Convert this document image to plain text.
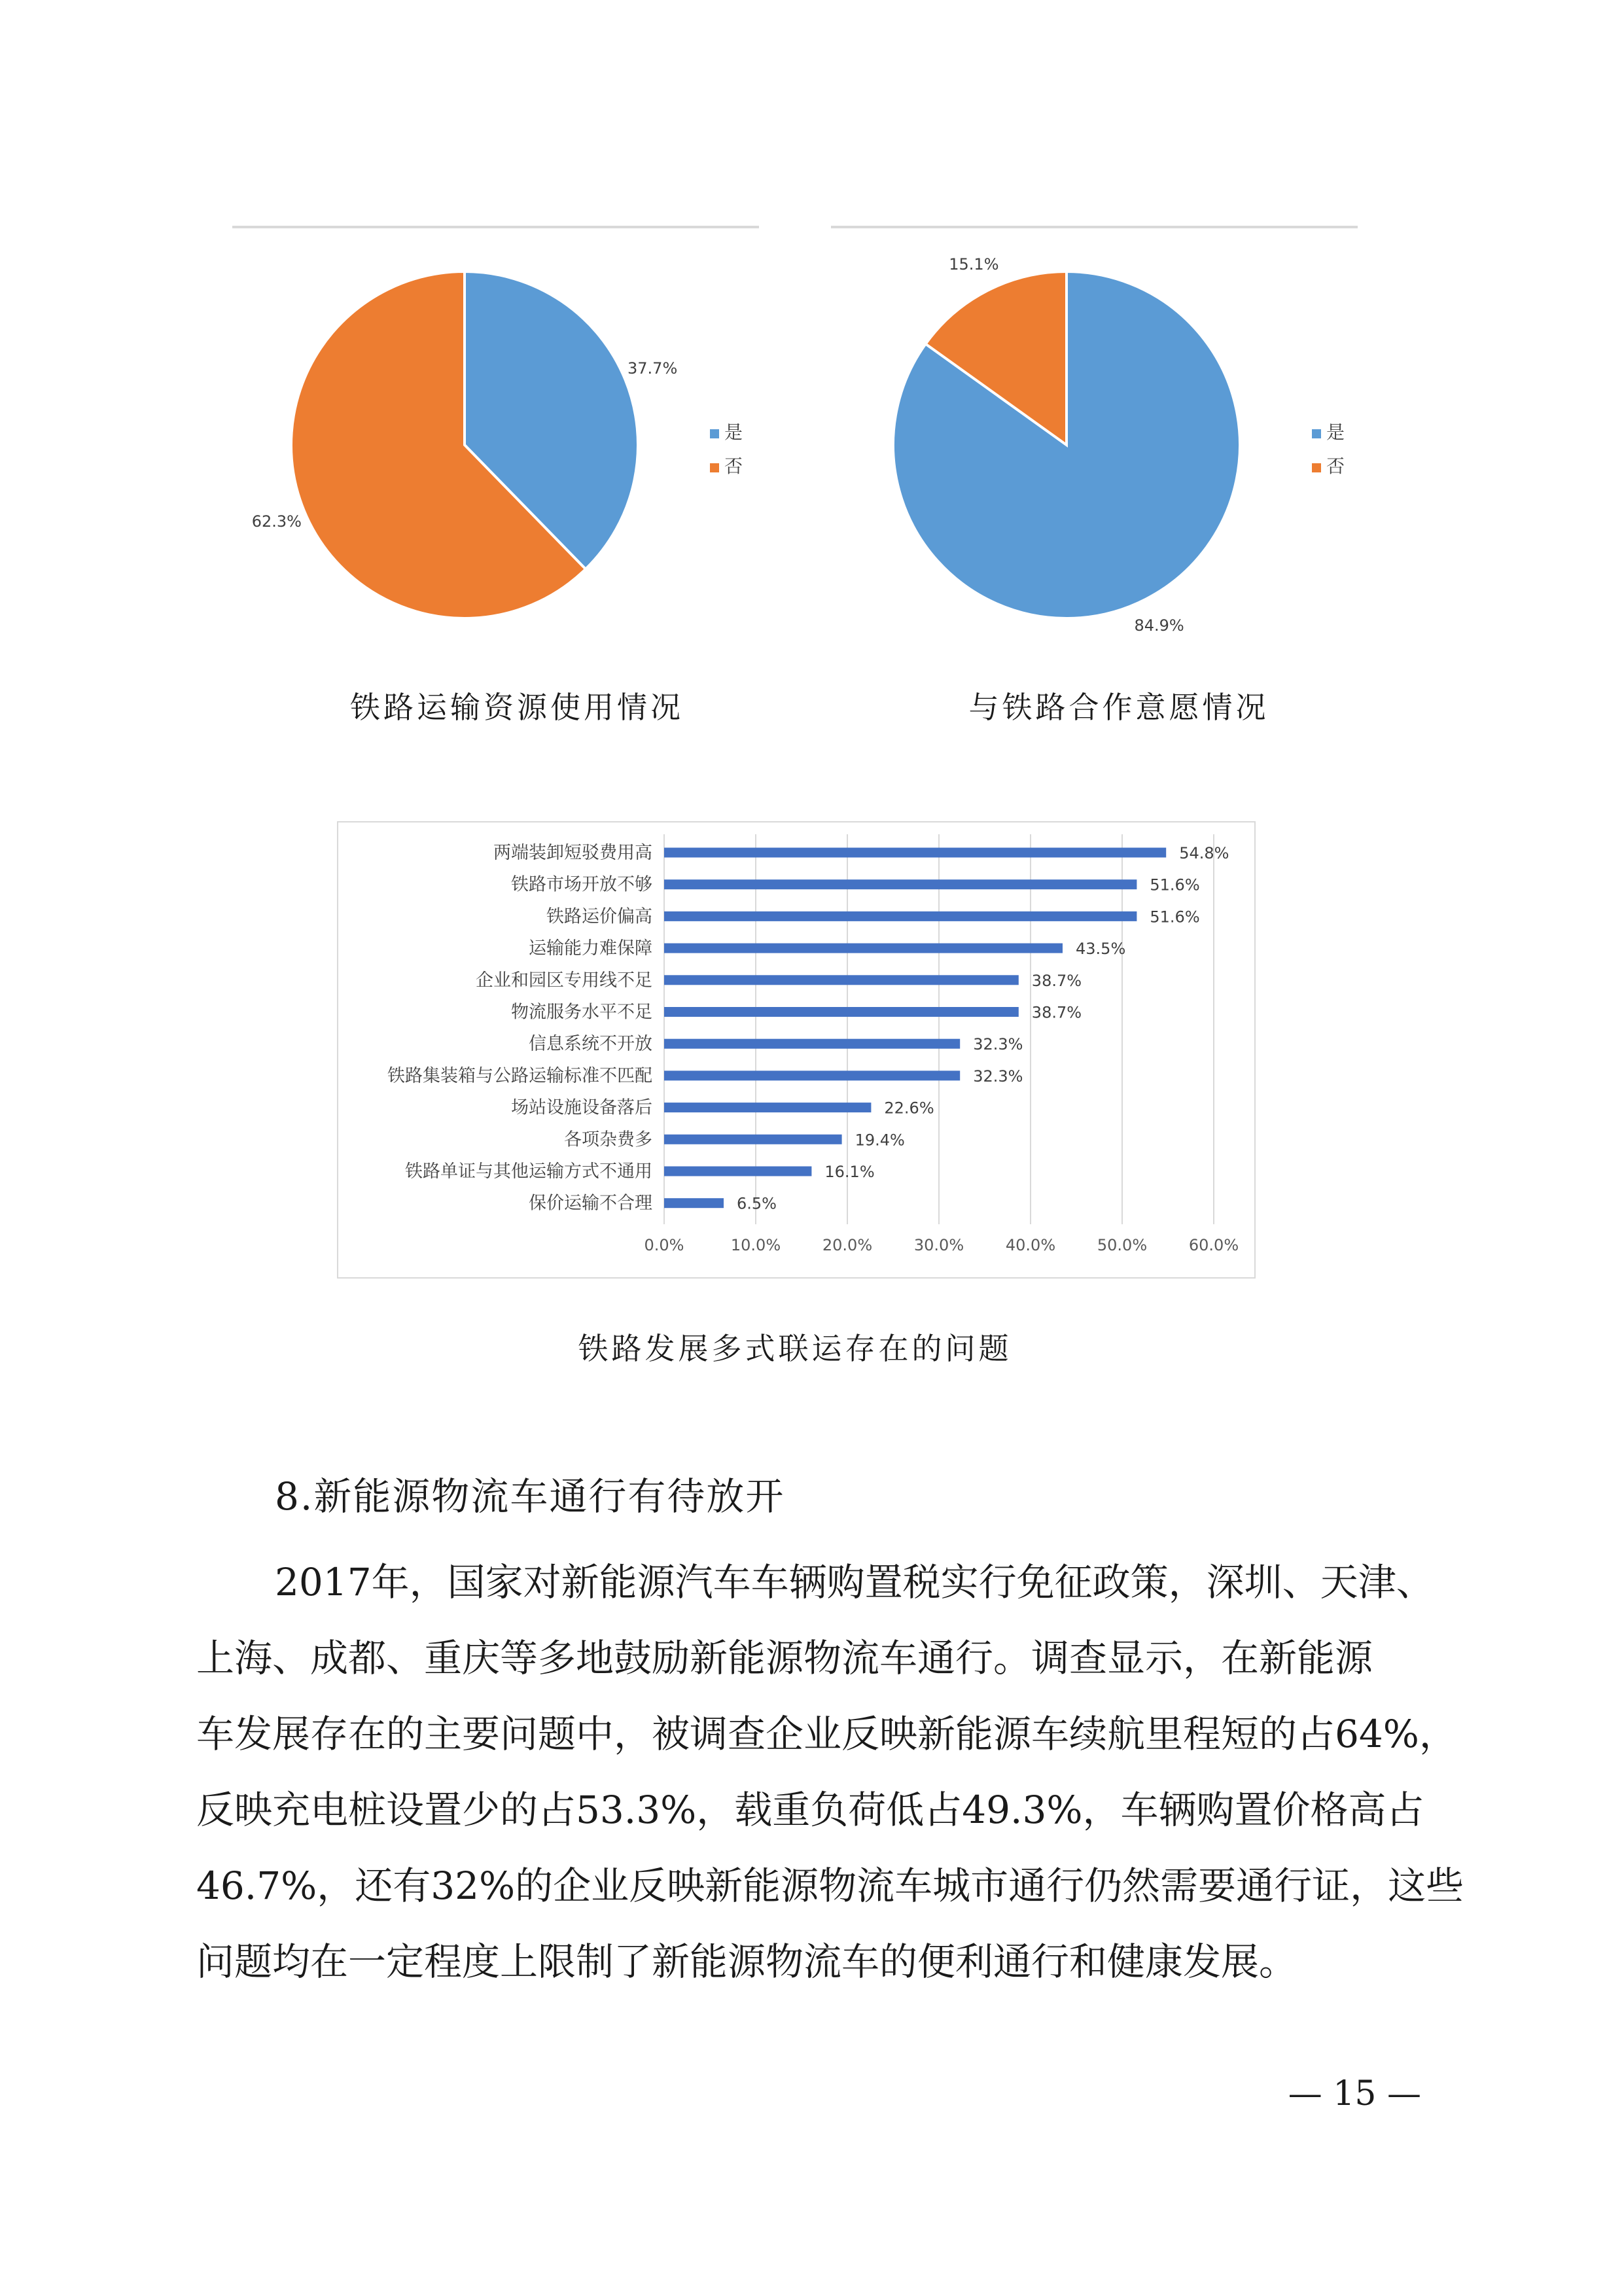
37.7%
62.3%
是
否
铁路运输资源使用情况
84.9%
15.1%
是
否
与铁路合作意愿情况
0.0%	10.0%	20.0%	30.0%	40.0%	50.0%	60.0%
两端装卸短驳费用高	54.8%
铁路市场开放不够	51.6%
铁路运价偏高	51.6%
运输能力难保障	43.5%
企业和园区专用线不足	38.7%
物流服务水平不足	38.7%
信息系统不开放	32.3%
铁路集装箱与公路运输标准不匹配	32.3%
场站设施设备落后	22.6%
各项杂费多	19.4%
铁路单证与其他运输方式不通用	16.1%
保价运输不合理	6.5%
铁路发展多式联运存在的问题
8.新能源物流车通行有待放开
2017年，国家对新能源汽车车辆购置税实行免征政策，深圳、天津、
上海、成都、重庆等多地鼓励新能源物流车通行。调查显示，在新能源
车发展存在的主要问题中，被调查企业反映新能源车续航里程短的占64%，
反映充电桩设置少的占53.3%，载重负荷低占49.3%，车辆购置价格高占
46.7%，还有32%的企业反映新能源物流车城市通行仍然需要通行证，这些
问题均在一定程度上限制了新能源物流车的便利通行和健康发展。
— 15 —
